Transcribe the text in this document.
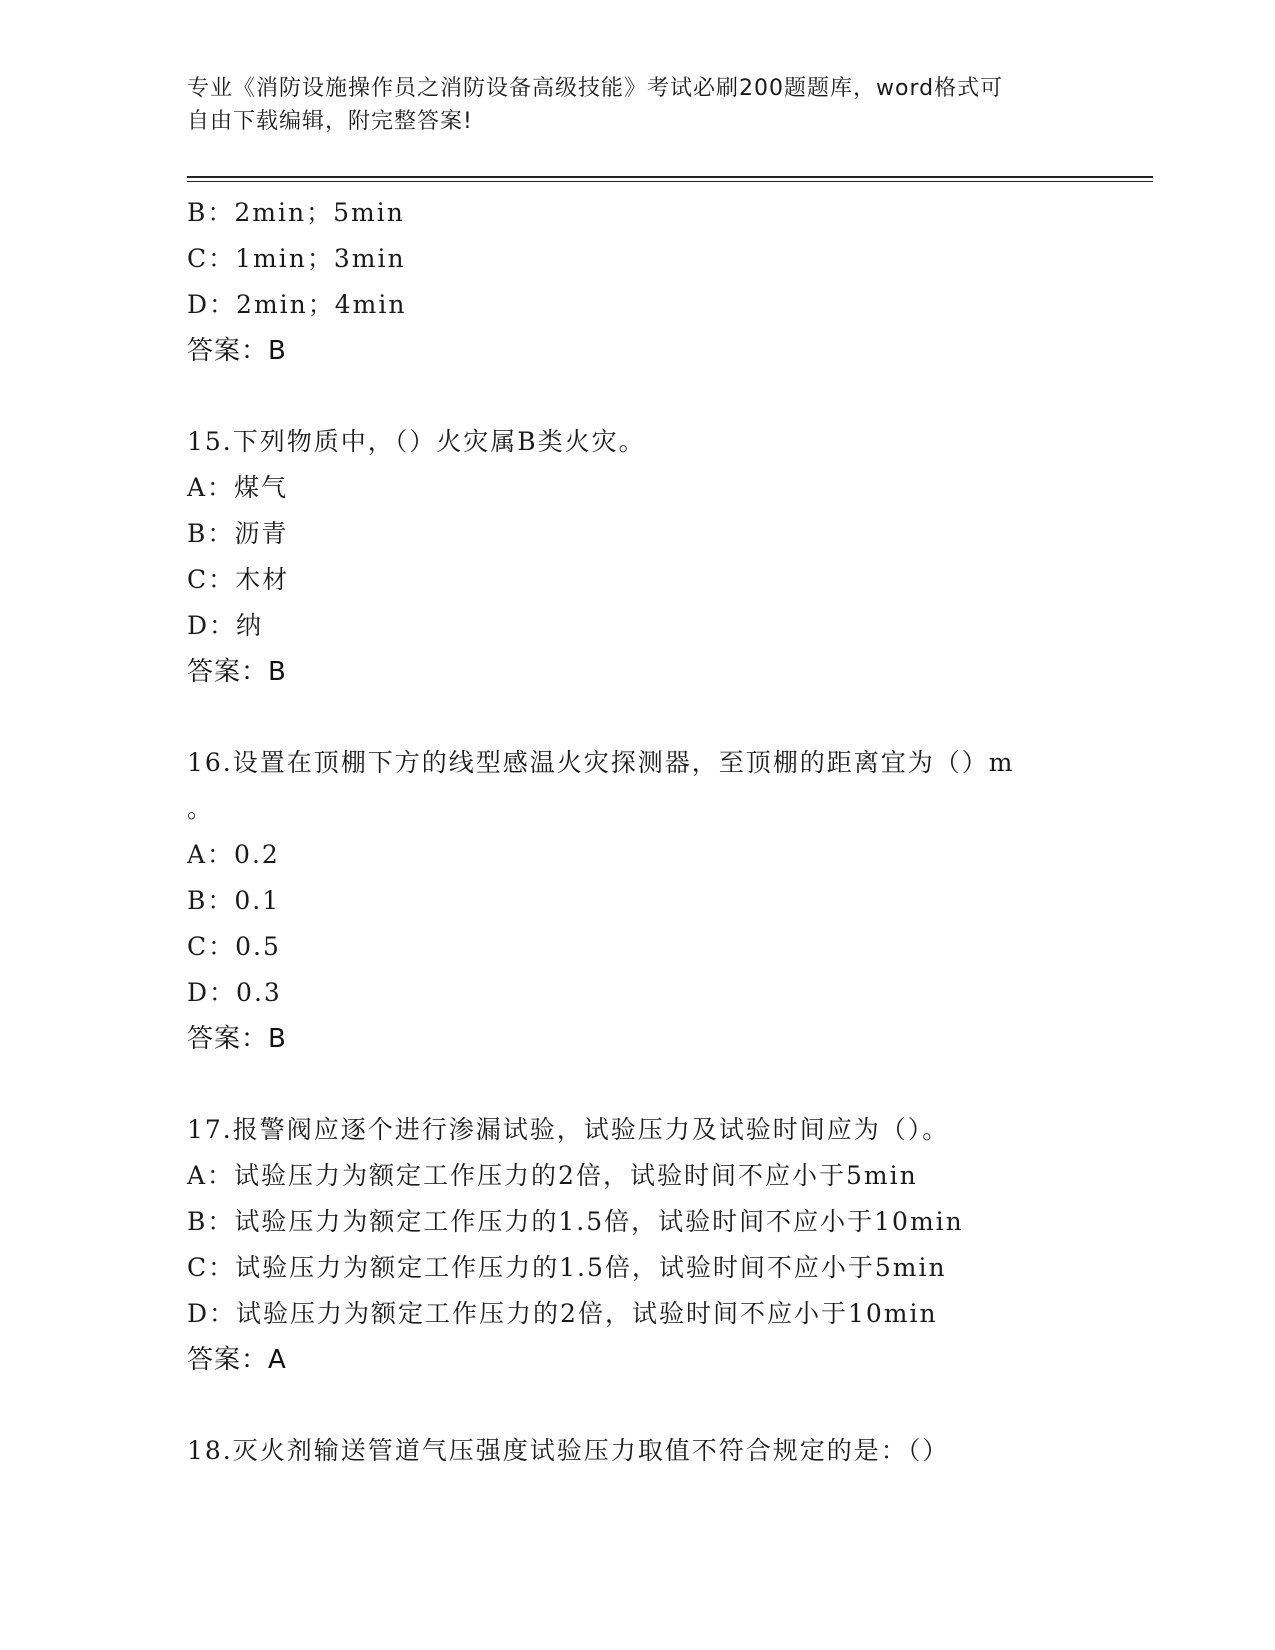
专业《消防设施操作员之消防设备高级技能》考试必刷200题题库，word格式可
自由下载编辑，附完整答案!
B：2min；5min
C：1min；3min
D：2min；4min
答案：B
15.下列物质中，（）火灾属B类火灾。
A：煤气
B：沥青
C：木材
D：纳
答案：B
16.设置在顶棚下方的线型感温火灾探测器，至顶棚的距离宜为（）m
。
A：0.2
B：0.1
C：0.5
D：0.3
答案：B
17.报警阀应逐个进行渗漏试验，试验压力及试验时间应为（）。
A：试验压力为额定工作压力的2倍，试验时间不应小于5min
B：试验压力为额定工作压力的1.5倍，试验时间不应小于10min
C：试验压力为额定工作压力的1.5倍，试验时间不应小于5min
D：试验压力为额定工作压力的2倍，试验时间不应小于10min
答案：A
18.灭火剂输送管道气压强度试验压力取值不符合规定的是：（）
